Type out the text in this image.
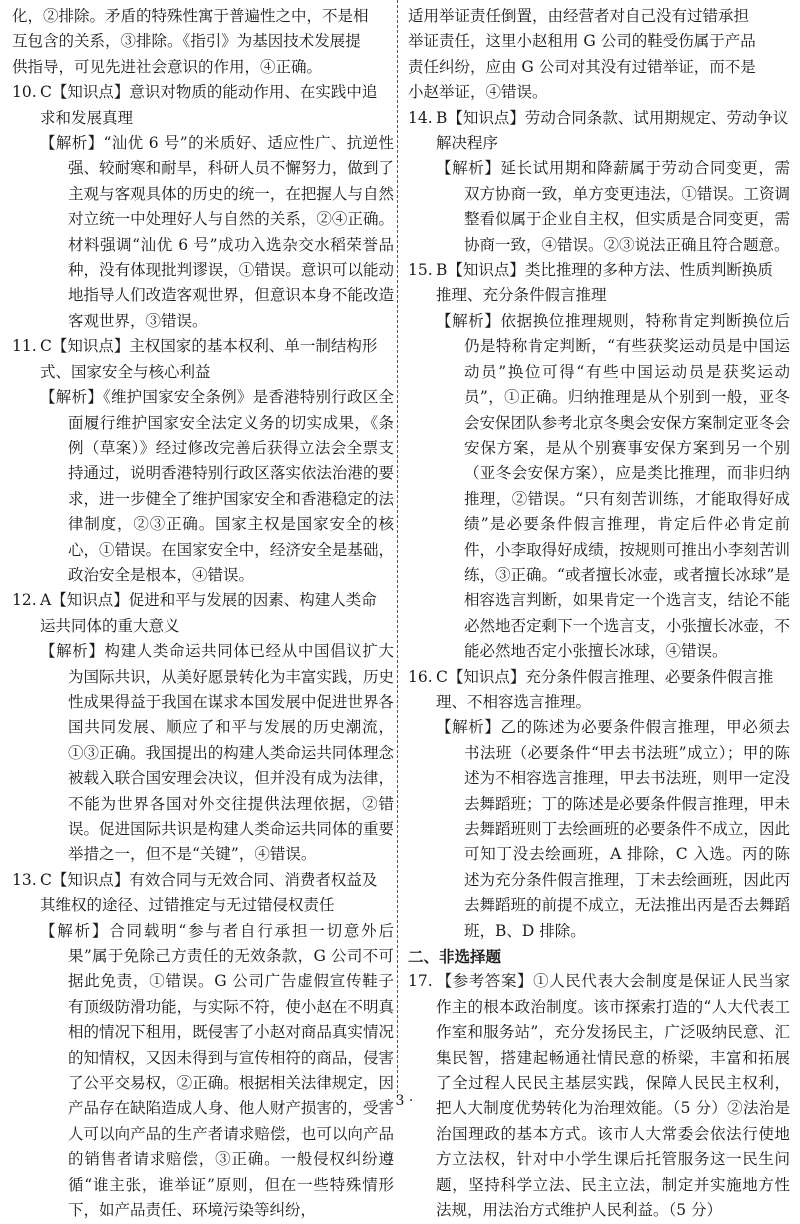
化，②排除。矛盾的特殊性寓于普遍性之中，不是相
互包含的关系，③排除。《指引》为基因技术发展提
供指导，可见先进社会意识的作用，④正确。
10. C【知识点】意识对物质的能动作用、在实践中追
求和发展真理

【解析】“汕优 6 号”的米质好、适应性广、抗逆性强、较耐寒和耐旱，科研人员不懈努力，做到了主观与客观具体的历史的统一，在把握人与自然对立统一中处理好人与自然的关系，②④正确。材料强调“汕优 6 号”成功入选杂交水稻荣誉品种，没有体现批判谬误，①错误。意识可以能动地指导人们改造客观世界，但意识本身不能改造客观世界，③错误。

11. C【知识点】主权国家的基本权利、单一制结构形
式、国家安全与核心利益

【解析】《维护国家安全条例》是香港特别行政区全面履行维护国家安全法定义务的切实成果，《条例（草案）》经过修改完善后获得立法会全票支持通过，说明香港特别行政区落实依法治港的要求，进一步健全了维护国家安全和香港稳定的法律制度，②③正确。国家主权是国家安全的核心，①错误。在国家安全中，经济安全是基础，政治安全是根本，④错误。

12. A【知识点】促进和平与发展的因素、构建人类命
运共同体的重大意义

【解析】构建人类命运共同体已经从中国倡议扩大为国际共识，从美好愿景转化为丰富实践，历史性成果得益于我国在谋求本国发展中促进世界各国共同发展、顺应了和平与发展的历史潮流，①③正确。我国提出的构建人类命运共同体理念被载入联合国安理会决议，但并没有成为法律，不能为世界各国对外交往提供法理依据，②错误。促进国际共识是构建人类命运共同体的重要举措之一，但不是“关键”，④错误。

13. C【知识点】有效合同与无效合同、消费者权益及
其维权的途径、过错推定与无过错侵权责任

【解析】合同载明“参与者自行承担一切意外后果”属于免除己方责任的无效条款，G 公司不可据此免责，①错误。G 公司广告虚假宣传鞋子有顶级防滑功能，与实际不符，使小赵在不明真相的情况下租用，既侵害了小赵对商品真实情况的知情权，又因未得到与宣传相符的商品，侵害了公平交易权，②正确。根据相关法律规定，因产品存在缺陷造成人身、他人财产损害的，受害人可以向产品的生产者请求赔偿，也可以向产品的销售者请求赔偿，③正确。一般侵权纠纷遵循“谁主张，谁举证”原则，但在一些特殊情形下，如产品责任、环境污染等纠纷，

适用举证责任倒置，由经营者对自己没有过错承担
举证责任，这里小赵租用 G 公司的鞋受伤属于产品
责任纠纷，应由 G 公司对其没有过错举证，而不是
小赵举证，④错误。
14. B【知识点】劳动合同条款、试用期规定、劳动争议
解决程序

【解析】延长试用期和降薪属于劳动合同变更，需双方协商一致，单方变更违法，①错误。工资调整看似属于企业自主权，但实质是合同变更，需协商一致，④错误。②③说法正确且符合题意。

15. B【知识点】类比推理的多种方法、性质判断换质
推理、充分条件假言推理

【解析】依据换位推理规则，特称肯定判断换位后仍是特称肯定判断，“有些获奖运动员是中国运动员”换位可得“有些中国运动员是获奖运动员”，①正确。归纳推理是从个别到一般，亚冬会安保团队参考北京冬奥会安保方案制定亚冬会安保方案，是从个别赛事安保方案到另一个别（亚冬会安保方案），应是类比推理，而非归纳推理，②错误。“只有刻苦训练，才能取得好成绩”是必要条件假言推理，肯定后件必肯定前件，小李取得好成绩，按规则可推出小李刻苦训练，③正确。“或者擅长冰壶，或者擅长冰球”是相容选言判断，如果肯定一个选言支，结论不能必然地否定剩下一个选言支，小张擅长冰壶，不能必然地否定小张擅长冰球，④错误。

16. C【知识点】充分条件假言推理、必要条件假言推
理、不相容选言推理。

【解析】乙的陈述为必要条件假言推理，甲必须去书法班（必要条件“甲去书法班”成立）；甲的陈述为不相容选言推理，甲去书法班，则甲一定没去舞蹈班；丁的陈述是必要条件假言推理，甲未去舞蹈班则丁去绘画班的必要条件不成立，因此可知丁没去绘画班，A 排除，C 入选。丙的陈述为充分条件假言推理，丁未去绘画班，因此丙去舞蹈班的前提不成立，无法推出丙是否去舞蹈班，B、D 排除。

二、非选择题

17. 【参考答案】①人民代表大会制度是保证人民当家作主的根本政治制度。该市探索打造的“人大代表工作室和服务站”，充分发扬民主，广泛吸纳民意、汇集民智，搭建起畅通社情民意的桥梁，丰富和拓展了全过程人民民主基层实践，保障人民民主权利，把人大制度优势转化为治理效能。（5 分）②法治是治国理政的基本方式。该市人大常委会依法行使地方立法权，针对中小学生课后托管服务这一民生问题，坚持科学立法、民主立法，制定并实施地方性法规，用法治方式维护人民利益。（5 分）

· 3 ·
